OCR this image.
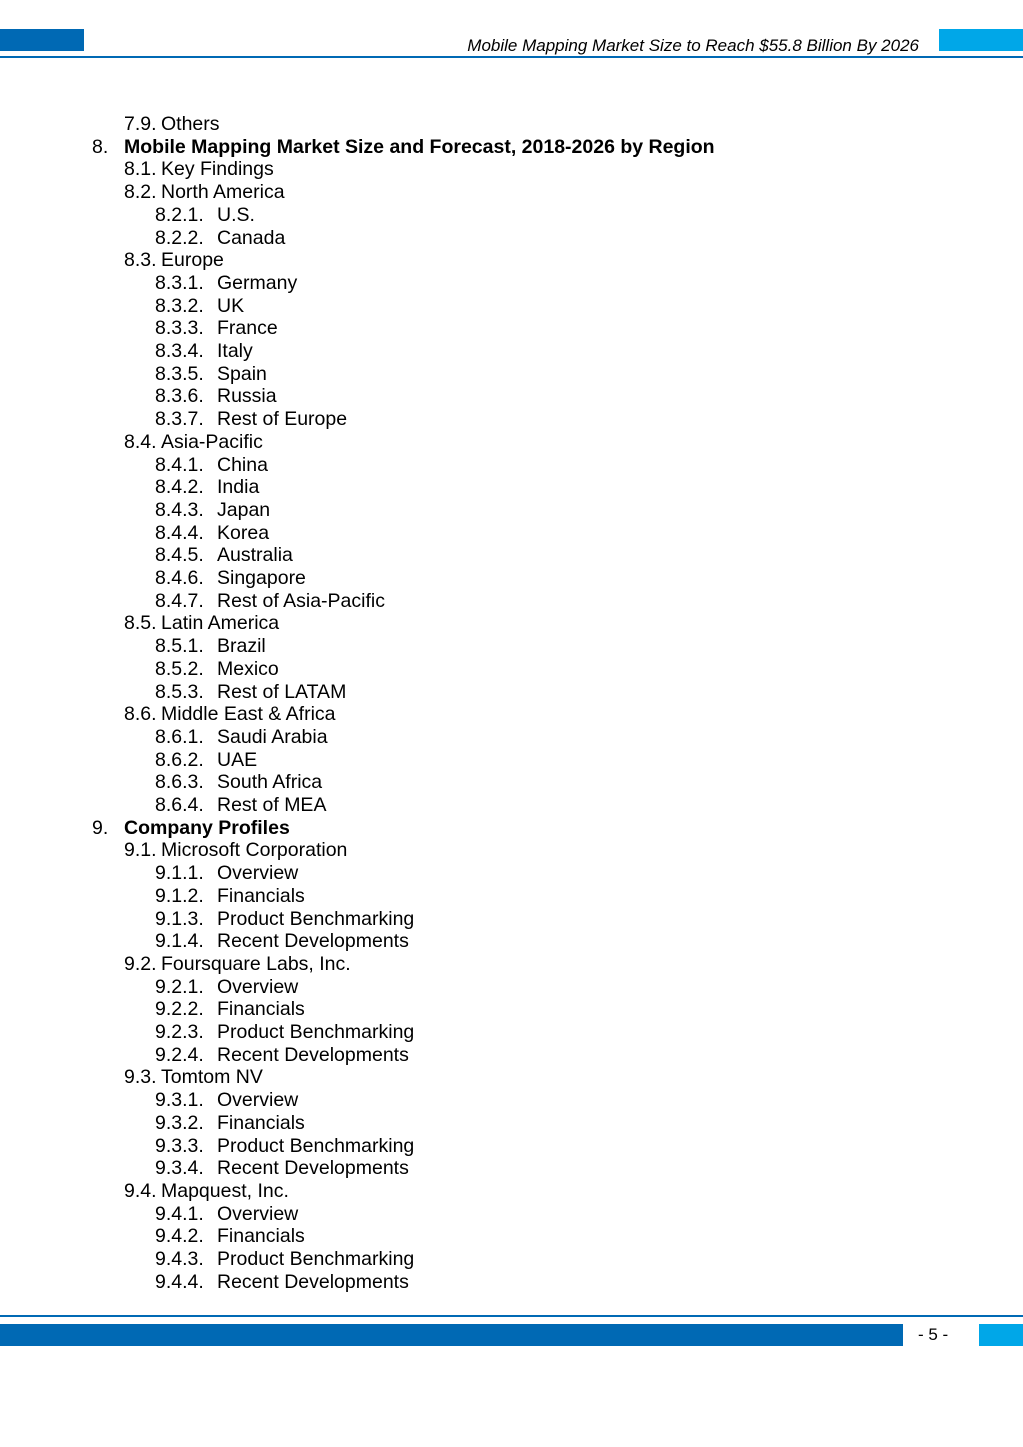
Mobile Mapping Market Size to Reach $55.8 Billion By 2026
7.9. Others
8. Mobile Mapping Market Size and Forecast, 2018-2026 by Region
8.1. Key Findings
8.2. North America
8.2.1. U.S.
8.2.2. Canada
8.3. Europe
8.3.1. Germany
8.3.2. UK
8.3.3. France
8.3.4. Italy
8.3.5. Spain
8.3.6. Russia
8.3.7. Rest of Europe
8.4. Asia-Pacific
8.4.1. China
8.4.2. India
8.4.3. Japan
8.4.4. Korea
8.4.5. Australia
8.4.6. Singapore
8.4.7. Rest of Asia-Pacific
8.5. Latin America
8.5.1. Brazil
8.5.2. Mexico
8.5.3. Rest of LATAM
8.6. Middle East & Africa
8.6.1. Saudi Arabia
8.6.2. UAE
8.6.3. South Africa
8.6.4. Rest of MEA
9. Company Profiles
9.1. Microsoft Corporation
9.1.1. Overview
9.1.2. Financials
9.1.3. Product Benchmarking
9.1.4. Recent Developments
9.2. Foursquare Labs, Inc.
9.2.1. Overview
9.2.2. Financials
9.2.3. Product Benchmarking
9.2.4. Recent Developments
9.3. Tomtom NV
9.3.1. Overview
9.3.2. Financials
9.3.3. Product Benchmarking
9.3.4. Recent Developments
9.4. Mapquest, Inc.
9.4.1. Overview
9.4.2. Financials
9.4.3. Product Benchmarking
9.4.4. Recent Developments
- 5 -
